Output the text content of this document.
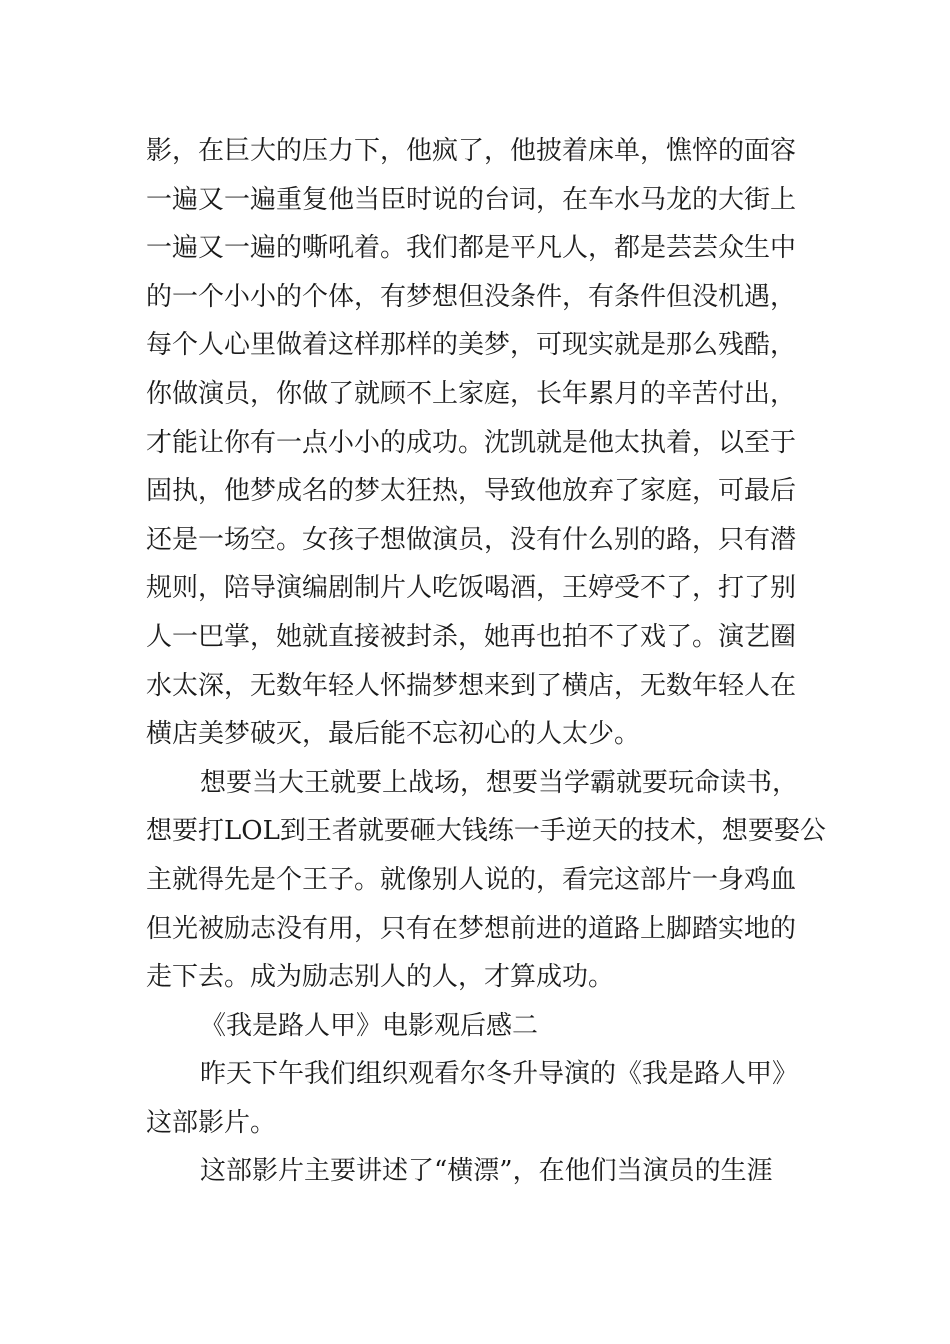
影，在巨大的压力下，他疯了，他披着床单，憔悴的面容
一遍又一遍重复他当臣时说的台词，在车水马龙的大街上
一遍又一遍的嘶吼着。我们都是平凡人，都是芸芸众生中
的一个小小的个体，有梦想但没条件，有条件但没机遇，
每个人心里做着这样那样的美梦，可现实就是那么残酷，
你做演员，你做了就顾不上家庭，长年累月的辛苦付出，
才能让你有一点小小的成功。沈凯就是他太执着，以至于
固执，他梦成名的梦太狂热，导致他放弃了家庭，可最后
还是一场空。女孩子想做演员，没有什么别的路，只有潜
规则，陪导演编剧制片人吃饭喝酒，王婷受不了，打了别
人一巴掌，她就直接被封杀，她再也拍不了戏了。演艺圈
水太深，无数年轻人怀揣梦想来到了横店，无数年轻人在
横店美梦破灭，最后能不忘初心的人太少。
想要当大王就要上战场，想要当学霸就要玩命读书，
想要打LOL到王者就要砸大钱练一手逆天的技术，想要娶公
主就得先是个王子。就像别人说的，看完这部片一身鸡血
但光被励志没有用，只有在梦想前进的道路上脚踏实地的
走下去。成为励志别人的人，才算成功。
《我是路人甲》电影观后感二
昨天下午我们组织观看尔冬升导演的《我是路人甲》
这部影片。
这部影片主要讲述了“横漂”，在他们当演员的生涯
